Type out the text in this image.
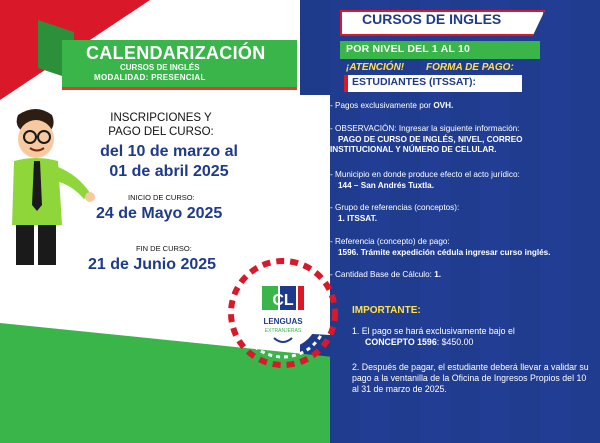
CALENDARIZACIÓN
CURSOS DE INGLÉS
MODALIDAD: PRESENCIAL
INSCRIPCIONES Y
PAGO DEL CURSO:
del 10 de marzo al
01 de abril 2025
INICIO DE CURSO:
24 de Mayo 2025
FIN DE CURSO:
21 de Junio 2025
CURSOS DE INGLES
POR NIVEL DEL 1 AL 10
¡ATENCIÓN! FORMA DE PAGO:
ESTUDIANTES (ITSSAT):
- Pagos exclusivamente por OVH.
- OBSERVACIÓN: Ingresar la siguiente información:
PAGO DE CURSO DE INGLÉS, NIVEL, CORREO
INSTITUCIONAL Y NÚMERO DE CELULAR.
- Municipio en donde produce efecto el acto jurídico:
144 – San Andrés Tuxtla.
- Grupo de referencias (conceptos):
1. ITSSAT.
- Referencia (concepto) de pago:
1596. Trámite expedición cédula ingresar curso inglés.
- Cantidad Base de Cálculo: 1.
IMPORTANTE:
1. El pago se hará exclusivamente bajo el
CONCEPTO 1596: $450.00
2. Después de pagar, el estudiante deberá llevar a validar su pago a la ventanilla de la Oficina de Ingresos Propios del 10 al 31 de marzo de 2025.
CL
LENGUAS
EXTRANJERAS
